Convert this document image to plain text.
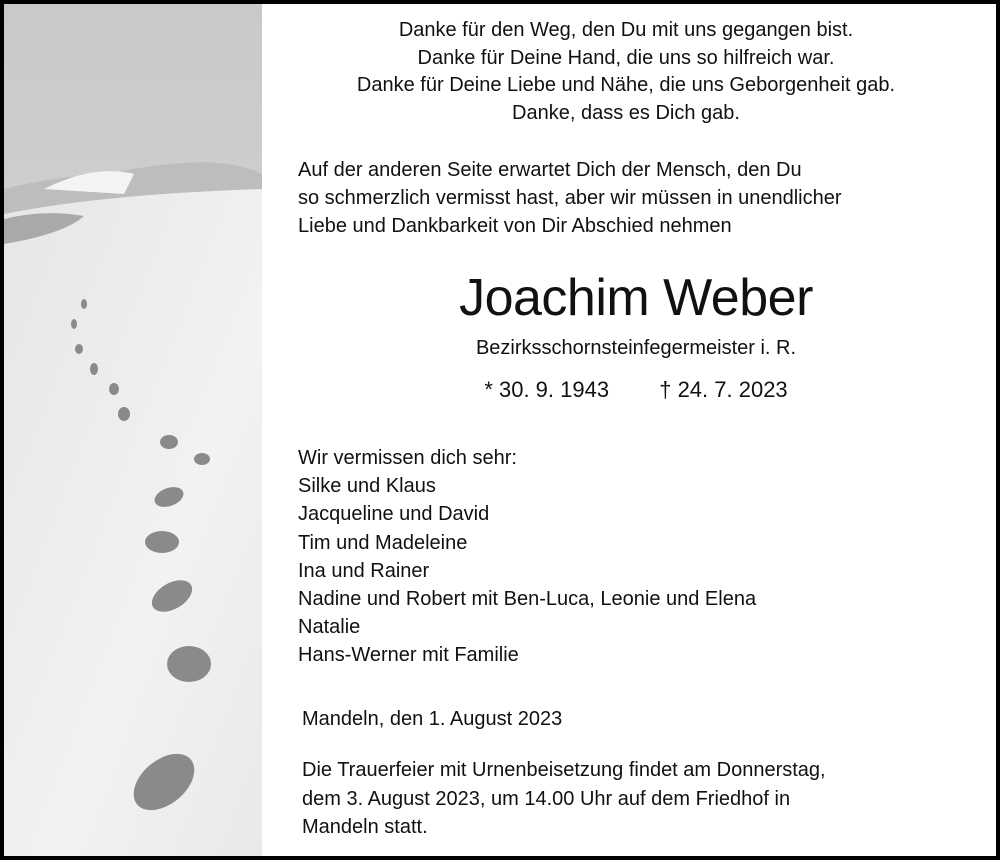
Danke für den Weg, den Du mit uns gegangen bist.
Danke für Deine Hand, die uns so hilfreich war.
Danke für Deine Liebe und Nähe, die uns Geborgenheit gab.
Danke, dass es Dich gab.
Auf der anderen Seite erwartet Dich der Mensch, den Du
so schmerzlich vermisst hast, aber wir müssen in unendlicher
Liebe und Dankbarkeit von Dir Abschied nehmen
Joachim Weber
Bezirksschornsteinfegermeister i. R.
* 30. 9. 1943 † 24. 7. 2023
Wir vermissen dich sehr:
Silke und Klaus
Jacqueline und David
Tim und Madeleine
Ina und Rainer
Nadine und Robert mit Ben-Luca, Leonie und Elena
Natalie
Hans-Werner mit Familie
Mandeln, den 1. August 2023
Die Trauerfeier mit Urnenbeisetzung findet am Donnerstag,
dem 3. August 2023, um 14.00 Uhr auf dem Friedhof in
Mandeln statt.
